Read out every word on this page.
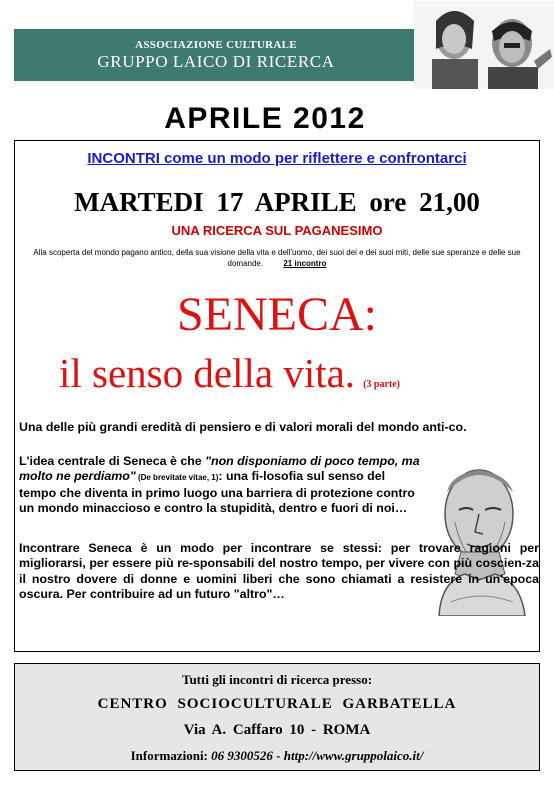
ASSOCIAZIONE CULTURALE
GRUPPO LAICO DI RICERCA
APRILE 2012
INCONTRI come un modo per riflettere e confrontarci
MARTEDI 17 APRILE ore 21,00
UNA RICERCA SUL PAGANESIMO
Alla scoperta del mondo pagano antico, della sua visione della vita e dell'uomo, dei suoi dei e dei suoi miti, delle sue speranze e delle sue domande.	21 incontro
SENECA:
il senso della vita. (3 parte)

Una delle più grandi eredità di pensiero e di valori morali del mondo anti-co.

L'idea centrale di Seneca è che "non disponiamo di poco tempo, ma molto ne perdiamo" (De brevitate vitae, 1): una fi-losofia sul senso del tempo che diventa in primo luogo una barriera di protezione contro un mondo minaccioso e contro la stupidità, dentro e fuori di noi…

Incontrare Seneca è un modo per incontrare se stessi: per trovare ragioni per migliorarsi, per essere più re-sponsabili del nostro tempo, per vivere con più coscien-za il nostro dovere di donne e uomini liberi che sono chiamati a resistere in un'epoca oscura. Per contribuire ad un futuro "altro"…

Tutti gli incontri di ricerca presso:
CENTRO SOCIOCULTURALE GARBATELLA
Via A. Caffaro 10 - ROMA
Informazioni: 06 9300526 - http://www.gruppolaico.it/
